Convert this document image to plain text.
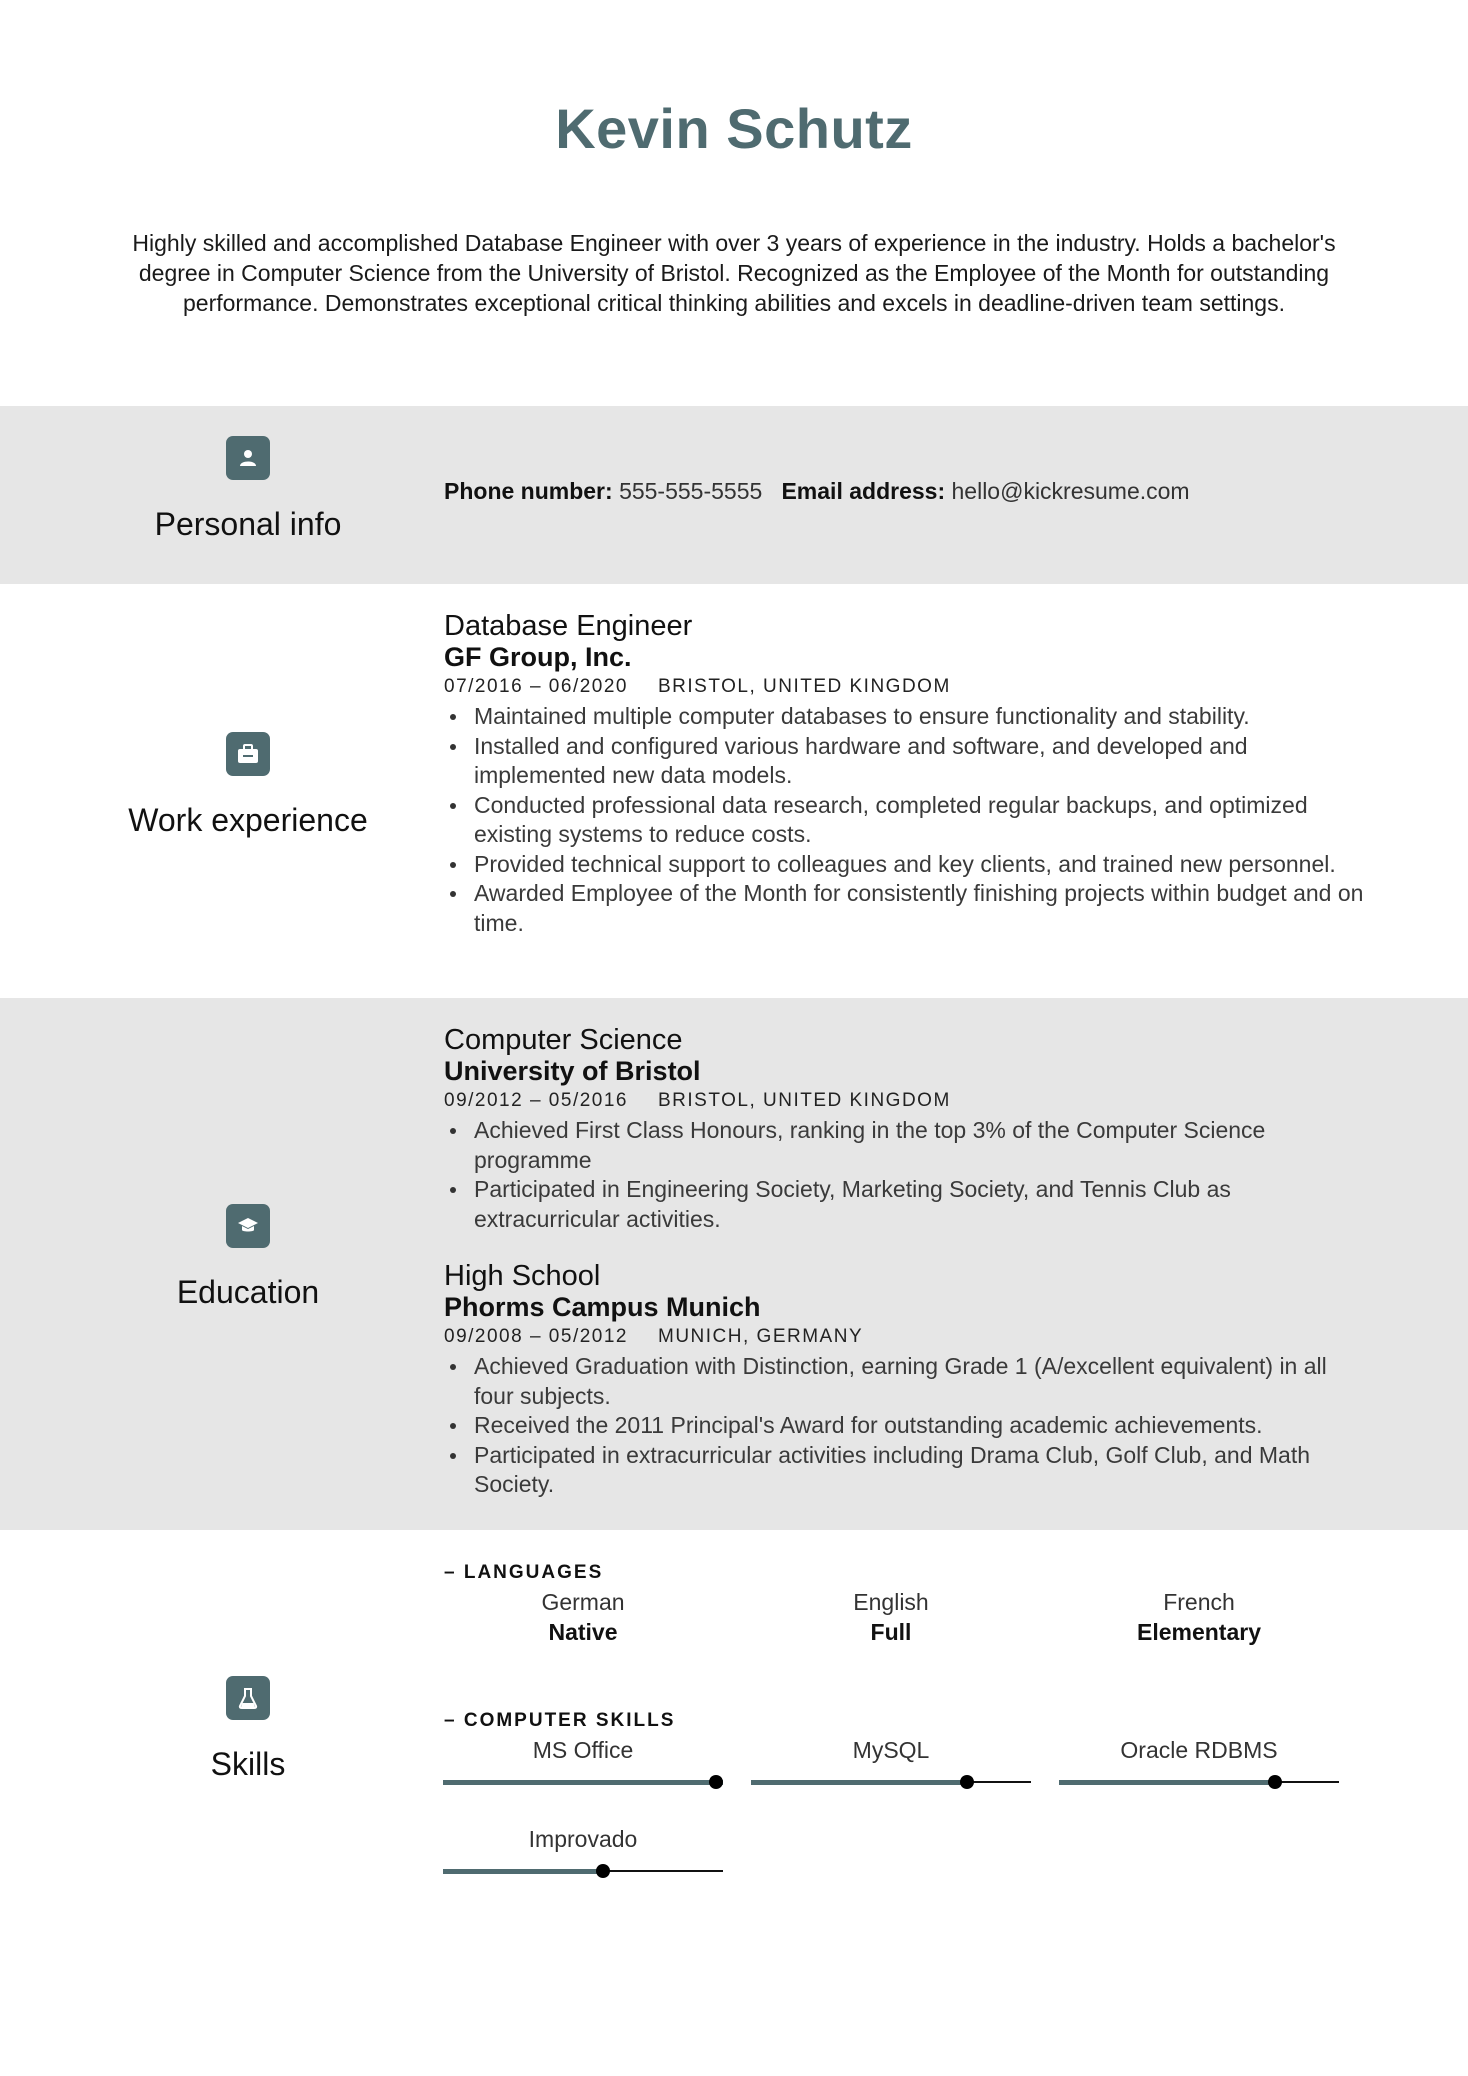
Kevin Schutz
Highly skilled and accomplished Database Engineer with over 3 years of experience in the industry. Holds a bachelor's degree in Computer Science from the University of Bristol. Recognized as the Employee of the Month for outstanding performance. Demonstrates exceptional critical thinking abilities and excels in deadline-driven team settings.
Personal info
Phone number: 555-555-5555 Email address: hello@kickresume.com
Work experience
Database Engineer
GF Group, Inc.
07/2016 – 06/2020 BRISTOL, UNITED KINGDOM
Maintained multiple computer databases to ensure functionality and stability.
Installed and configured various hardware and software, and developed and implemented new data models.
Conducted professional data research, completed regular backups, and optimized existing systems to reduce costs.
Provided technical support to colleagues and key clients, and trained new personnel.
Awarded Employee of the Month for consistently finishing projects within budget and on time.
Education
Computer Science
University of Bristol
09/2012 – 05/2016 BRISTOL, UNITED KINGDOM
Achieved First Class Honours, ranking in the top 3% of the Computer Science programme
Participated in Engineering Society, Marketing Society, and Tennis Club as extracurricular activities.
High School
Phorms Campus Munich
09/2008 – 05/2012 MUNICH, GERMANY
Achieved Graduation with Distinction, earning Grade 1 (A/excellent equivalent) in all four subjects.
Received the 2011 Principal's Award for outstanding academic achievements.
Participated in extracurricular activities including Drama Club, Golf Club, and Math Society.
Skills
– LANGUAGES
German
Native
English
Full
French
Elementary
– COMPUTER SKILLS
MS Office	MySQL	Oracle RDBMS
Improvado
